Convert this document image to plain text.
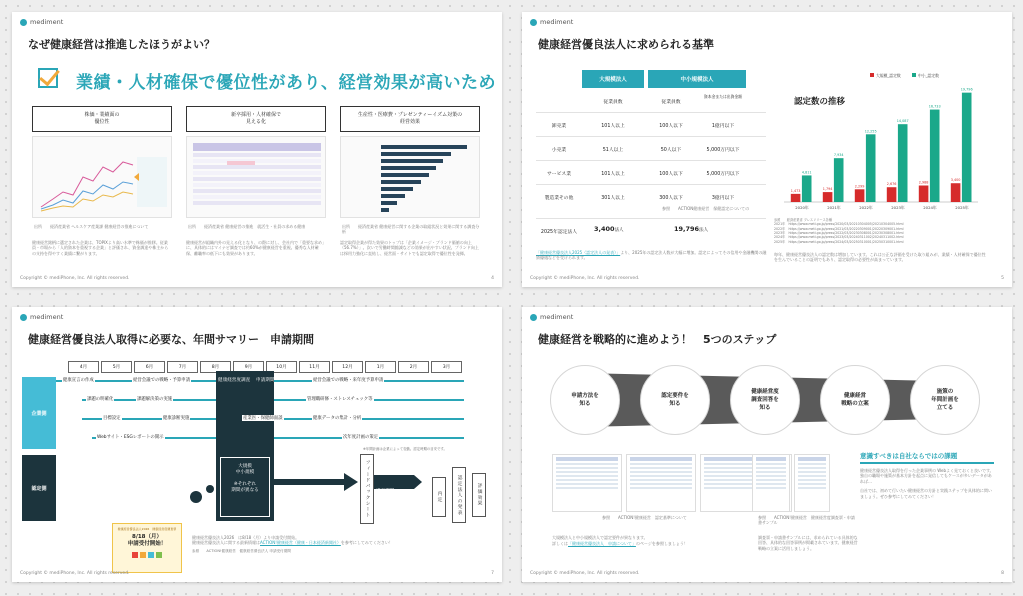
mediment
なぜ健康経営は推進したほうがよい？
業績・人材確保で優位性があり、経営効果が高いため
株価・業績面の
優位性
新卒採用・人材確保で
見える化
生産性・医療費・プレゼンティーイズム対策の
経営効果
出所　　経済産業省 ヘルスケア産業課 健康経営の推進について	出所　　経済産業省 健康経営の推進　就活生・社員の求める健康	出所　　経済産業省 健康経営に関する企業の取組状況と効果に関する調査分析
健康経営銘柄に選定された企業は、TOPIXより高い水準で株価が推移。従業員・市場から「人的資本を重視する企業」と評価され、資金調達や株主からの支持を得やすく業績に繋がります。
健康経営が組織内外の見える化となり、の際に対し、会社内で「重要な求め」に、具体的にはマイナビ調査では約60%が健康経営を重視。優秀な人材確保、離職率の低下にも効果があります。
認定取得企業が得た効果のトップは「企業イメージ・ブランド価値の向上（56.7%）」。次いで労働時間縮減などの効果が出やすい状況。プランド向上は採用力強化に直結し、経営面・サイトでも認定取得で優位性を発揮。
Copyright © mediPhone, Inc. All rights reserved.	4
mediment
健康経営優良法人に求められる基準
大規模法人	中小規模法人
従業員数	従業員数
資本金または出資金額
卸売業	101人以上	100人以下	1億円以下
小売業	51人以上	50人以下	5,000万円以下
サービス業	101人以上	100人以下	5,000万円以下
製造業その他	301人以上	300人以下	3億円以下
参照　　ACTION健康経営　保健認定についての
2025年認定法人	3,400法人	19,796法人
「健康経営優良法人2025（認定法人の発表）」より、2025年の認定法人数が大幅に増加。認定によってその信用や金融機関の融資優遇などを受けられます。
認定数の推移
大規模_認定数	中小_認定数
1,473
4,811
2020年
1,794
7,934
2021年
2,299
12,255
2022年
2,676
14,087
2023年
2,988
16,733
2024年
3,400
19,796
2025年
参照　　経済産業省 プレスリリース各種
2021年　https://www.meti.go.jp/press/2020/03/20210304005/20210304005.html
2022年　https://www.meti.go.jp/press/2021/03/20220309001/20220309001.html
2023年　https://www.meti.go.jp/press/2022/03/20230308001/20230308001.html
2024年　https://www.meti.go.jp/press/2023/03/20240311002/20240311002.html
2025年　https://www.meti.go.jp/press/2024/03/20250310001/20250310001.html
毎年、健康経営優良法人の認定数は増加しています。これは公正な評価を受けた取り組みが、業績・人材確保で優位性を生んでいることの証明でもあり、認定取得の必要性が高まっています。
Copyright © mediPhone, Inc. All rights reserved.	5
mediment
健康経営優良法人取得に必要な、年間サマリー　申請期間
4月	5月	6月	7月	8月	9月	10月	11月	12月	1月	2月	3月
企業側
認定側
健康宣言の作成	経営会議での戦略・予算申請
課題の明確化	課題解決策の実施
目標設定	健康診断実施
Webサイト・ESGレポートの開示
健康経営度調査 申請期間	経営会議での戦略・来年度予算申請
管理職研修・ストレスチェック等
産業医・保健師面談	健康データの集計・分析
次年度計画の策定
※年間計画は企業によって変動。認定時期の目安です。
大規模
中小規模

※それぞれ
期間が異なる	フィードバックシート	審査期間	内定	認定法人の発表	評価効果
健康経営優良法人2026　健康経営度調査票
8/18（月）
申請受付開始！
健康経営優良法人2026　は8/18（月）より申請受付開始。
健康経営優良法人に関する最新情報はACTION!健康経営（健康・日本経済新聞社）を参考にしてみてください！
参照　　ACTION!健康経営　健康経営優良法人 申請受付期間
Copyright © mediPhone, Inc. All rights reserved.	7
mediment
健康経営を戦略的に進めよう！　5つのステップ
申請方法を
知る
認定要件を
知る
健康経営度
調査回答を
知る
健康経営
戦略の立案
施策の
年間計画を
立てる
参照　　ACTION!健康経営　認定基準について	参照　　ACTION!健康経営　健康経営度調査票・申請書サンプル
大規模法人と中小規模法人で認定要件が異なります。
詳しくは「健康経営優良法人　申請について」のページを参照しましょう！
調査票・申請書サンプルには、求められている具体的な回答、具体的な回答事例が掲載されています。健康経営戦略の立案に活用しましょう。
意識すべきは自社ならではの課題
健康経営優良法人取得を行った企業事例の Webよく見ておくと良いです。独自の職場や施策が基本方針を起点に発信してもケースが多いデータがあれば…
自社では、初めて行いたい健康経営の方針と実践ステップを具体的に問いましょう。ぜひ参考にしてみてください！
Copyright © mediPhone, Inc. All rights reserved.	8
